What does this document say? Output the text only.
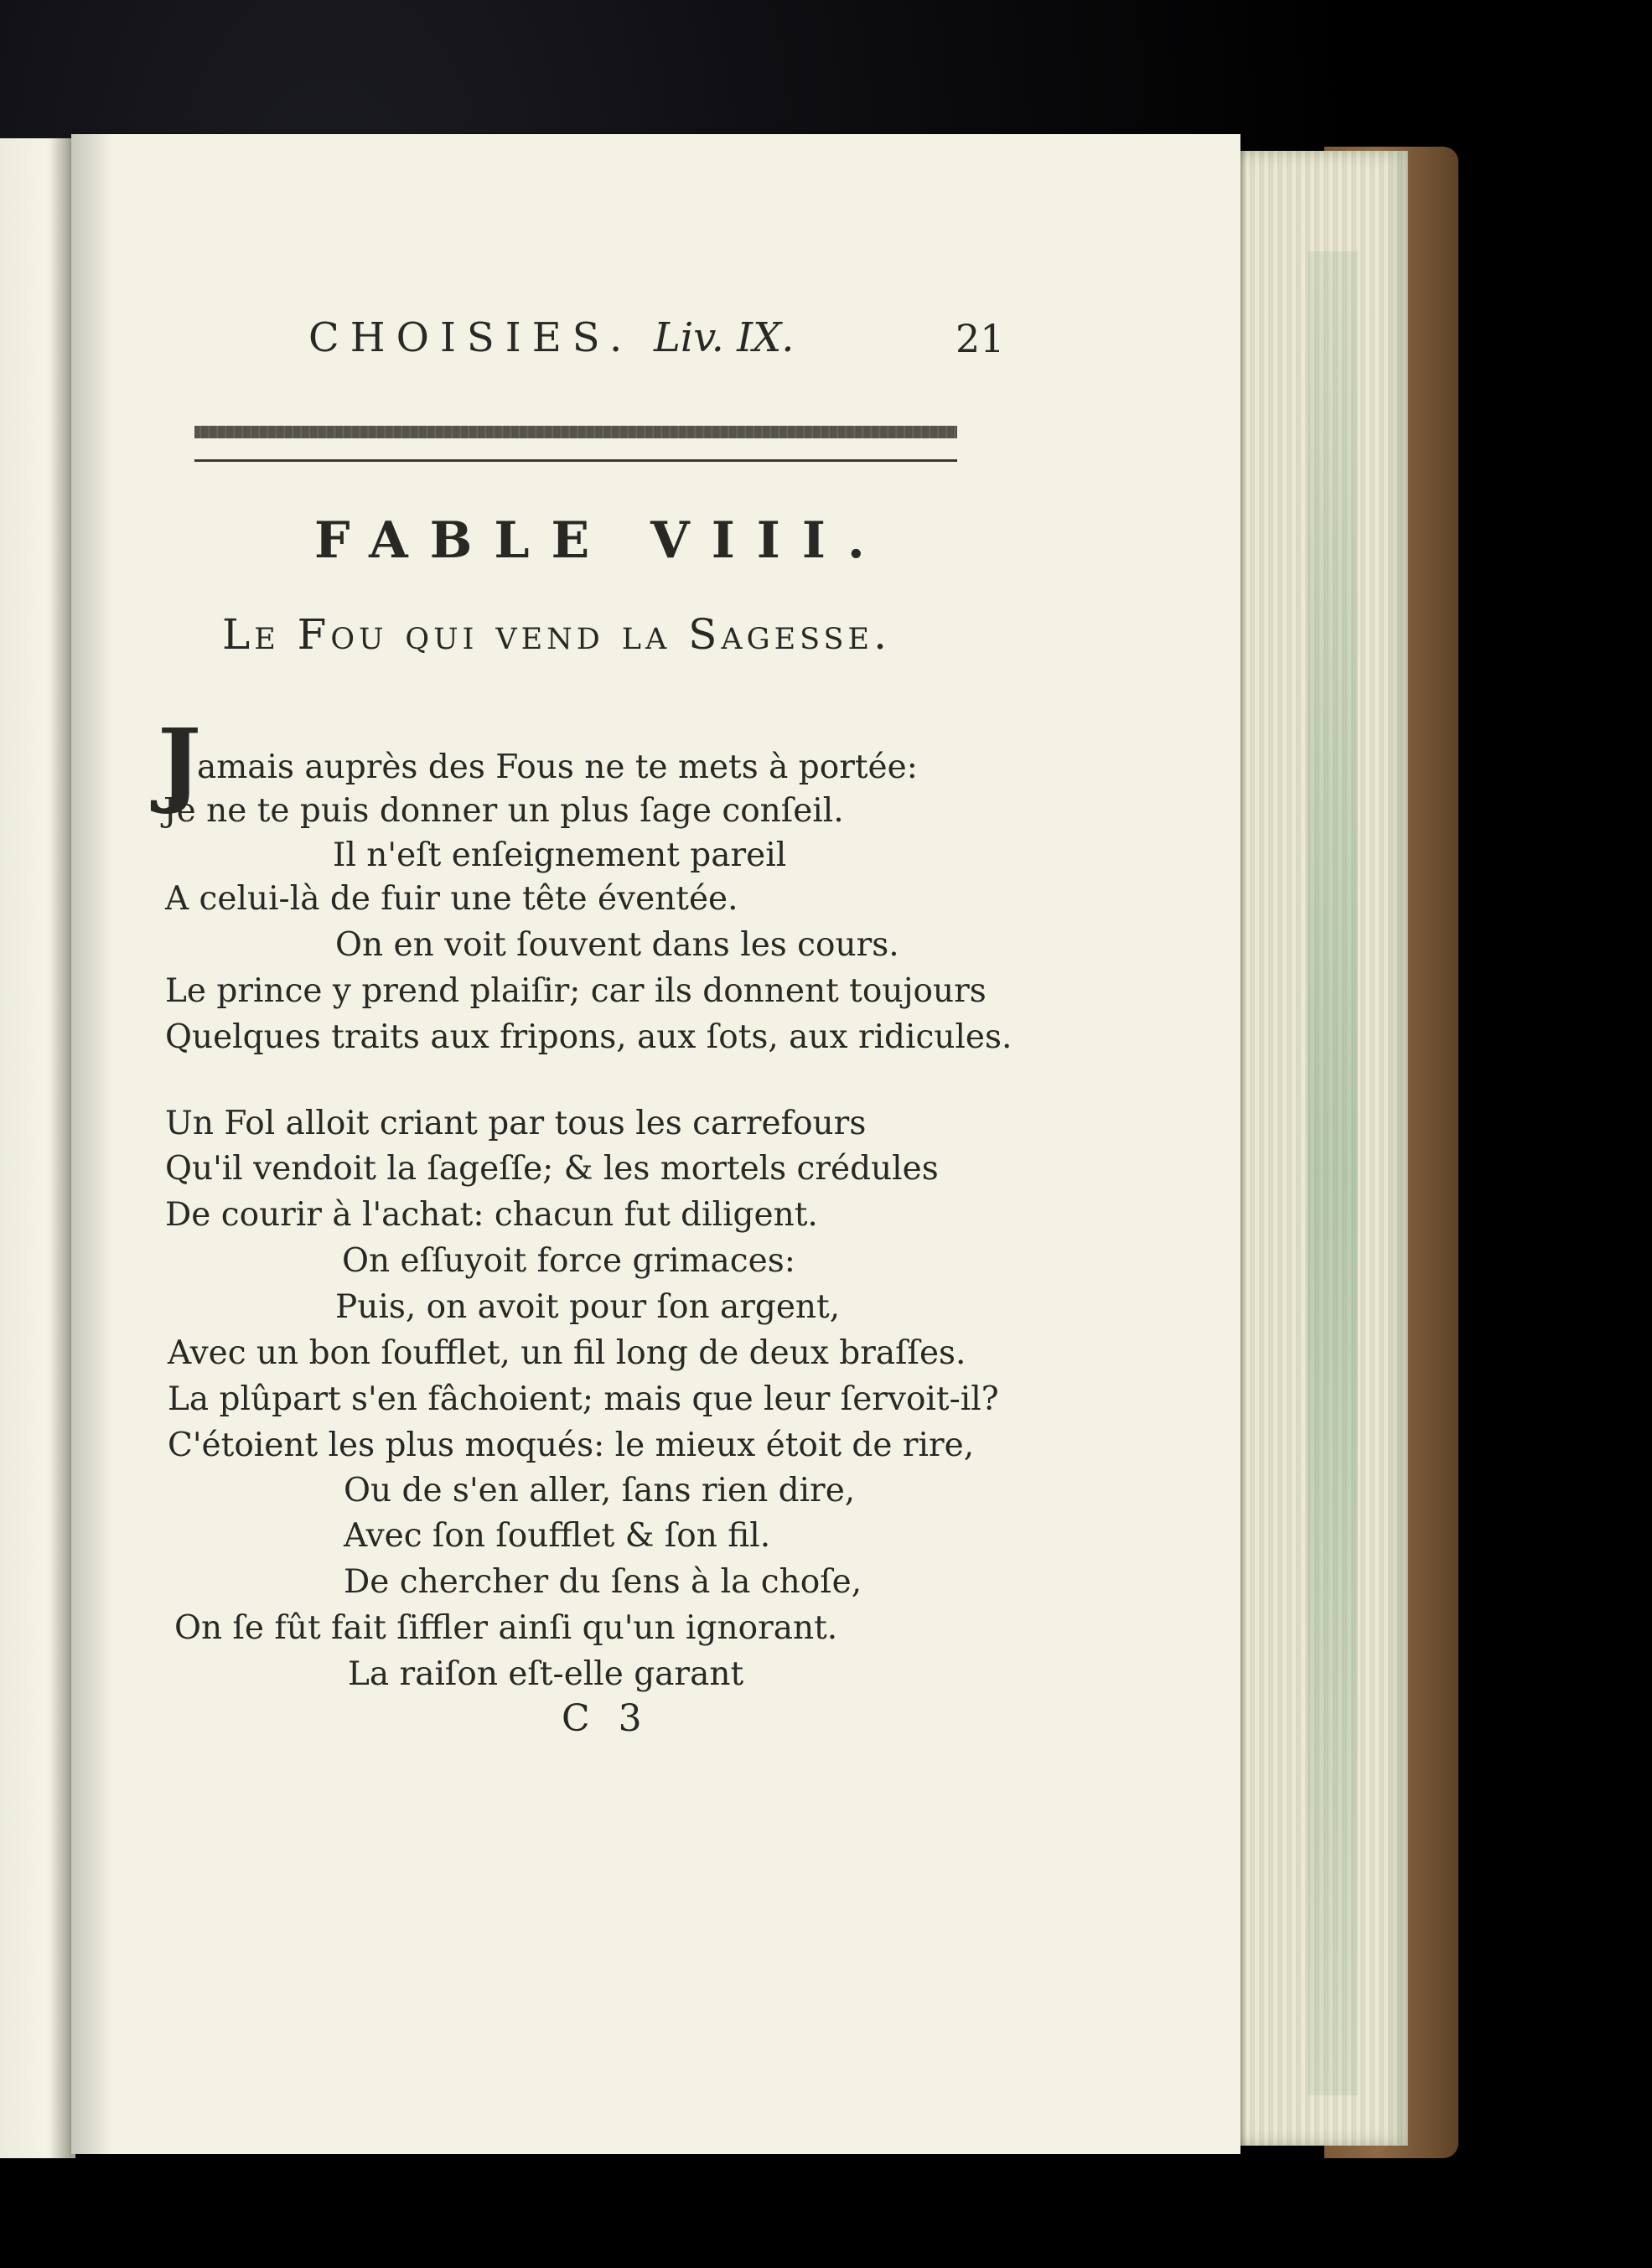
CHOISIES. Liv. IX.	21
FABLE VIII.
Le Fou qui vend la Sagesse.
J
amais auprès des Fous ne te mets à portée:
Je ne te puis donner un plus ſage conſeil.
Il n'eſt enſeignement pareil
A celui-là de fuir une tête éventée.
On en voit ſouvent dans les cours.
Le prince y prend plaiſir; car ils donnent toujours
Quelques traits aux fripons, aux ſots, aux ridicules.
Un Fol alloit criant par tous les carrefours
Qu'il vendoit la ſageſſe; & les mortels crédules
De courir à l'achat: chacun fut diligent.
On eſſuyoit force grimaces:
Puis, on avoit pour ſon argent,
Avec un bon ſoufflet, un fil long de deux braſſes.
La plûpart s'en fâchoient; mais que leur ſervoit-il?
C'étoient les plus moqués: le mieux étoit de rire,
Ou de s'en aller, ſans rien dire,
Avec ſon ſoufflet & ſon fil.
De chercher du ſens à la choſe,
On ſe fût fait ſiffler ainſi qu'un ignorant.
La raiſon eſt-elle garant
C 3
